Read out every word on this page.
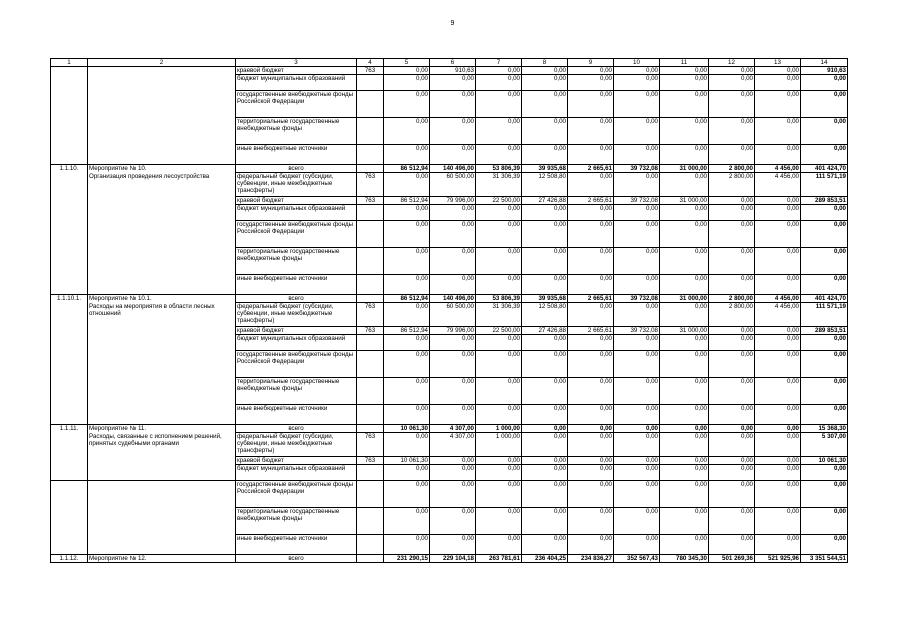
9
1	2	3	4	5	6	7	8	9	10	11	12	13	14
		краевой бюджет	763	0,00	910,63	0,00	0,00	0,00	0,00	0,00	0,00	0,00	910,63
		бюджет муниципальных образований		0,00	0,00	0,00	0,00	0,00	0,00	0,00	0,00	0,00	0,00
		государственные внебюджетные фонды Российской Федерации		0,00	0,00	0,00	0,00	0,00	0,00	0,00	0,00	0,00	0,00
		территориальные государственные внебюджетные фонды		0,00	0,00	0,00	0,00	0,00	0,00	0,00	0,00	0,00	0,00
		иные внебюджетные источники		0,00	0,00	0,00	0,00	0,00	0,00	0,00	0,00	0,00	0,00
1.1.10.	Мероприятие № 10.	всего		86 512,94	140 496,00	53 806,39	39 935,68	2 665,61	39 732,08	31 000,00	2 800,00	4 456,00	401 424,70
	Организация проведения лесоустройства	федеральный бюджет (субсидии, субвенции, иные межбюджетные трансферты)	763	0,00	60 500,00	31 306,39	12 508,80	0,00	0,00	0,00	2 800,00	4 456,00	111 571,19
		краевой бюджет	763	86 512,94	79 996,00	22 500,00	27 426,88	2 665,61	39 732,08	31 000,00	0,00	0,00	289 853,51
		бюджет муниципальных образований		0,00	0,00	0,00	0,00	0,00	0,00	0,00	0,00	0,00	0,00
		государственные внебюджетные фонды Российской Федерации		0,00	0,00	0,00	0,00	0,00	0,00	0,00	0,00	0,00	0,00
		территориальные государственные внебюджетные фонды		0,00	0,00	0,00	0,00	0,00	0,00	0,00	0,00	0,00	0,00
		иные внебюджетные источники		0,00	0,00	0,00	0,00	0,00	0,00	0,00	0,00	0,00	0,00
1.1.10.1.	Мероприятие № 10.1.	всего		86 512,94	140 496,00	53 806,39	39 935,68	2 665,61	39 732,08	31 000,00	2 800,00	4 456,00	401 424,70
	Расходы на мероприятия в области лесных отношений	федеральный бюджет (субсидии, субвенции, иные межбюджетные трансферты)	763	0,00	60 500,00	31 306,39	12 508,80	0,00	0,00	0,00	2 800,00	4 456,00	111 571,19
		краевой бюджет	763	86 512,94	79 996,00	22 500,00	27 426,88	2 665,61	39 732,08	31 000,00	0,00	0,00	289 853,51
		бюджет муниципальных образований		0,00	0,00	0,00	0,00	0,00	0,00	0,00	0,00	0,00	0,00
		государственные внебюджетные фонды Российской Федерации		0,00	0,00	0,00	0,00	0,00	0,00	0,00	0,00	0,00	0,00
		территориальные государственные внебюджетные фонды		0,00	0,00	0,00	0,00	0,00	0,00	0,00	0,00	0,00	0,00
		иные внебюджетные источники		0,00	0,00	0,00	0,00	0,00	0,00	0,00	0,00	0,00	0,00
1.1.11.	Мероприятие № 11.	всего		10 061,30	4 307,00	1 000,00	0,00	0,00	0,00	0,00	0,00	0,00	15 368,30
	Расходы, связанные с исполнением решений, принятых судебными органами	федеральный бюджет (субсидии, субвенции, иные межбюджетные трансферты)	763	0,00	4 307,00	1 000,00	0,00	0,00	0,00	0,00	0,00	0,00	5 307,00
		краевой бюджет	763	10 061,30	0,00	0,00	0,00	0,00	0,00	0,00	0,00	0,00	10 061,30
		бюджет муниципальных образований		0,00	0,00	0,00	0,00	0,00	0,00	0,00	0,00	0,00	0,00
		государственные внебюджетные фонды Российской Федерации		0,00	0,00	0,00	0,00	0,00	0,00	0,00	0,00	0,00	0,00
		территориальные государственные внебюджетные фонды		0,00	0,00	0,00	0,00	0,00	0,00	0,00	0,00	0,00	0,00
		иные внебюджетные источники		0,00	0,00	0,00	0,00	0,00	0,00	0,00	0,00	0,00	0,00
1.1.12.	Мероприятие № 12.	всего		231 290,15	229 104,18	263 781,61	236 404,25	234 836,27	352 567,43	780 345,30	501 269,36	521 925,96	3 351 544,51
